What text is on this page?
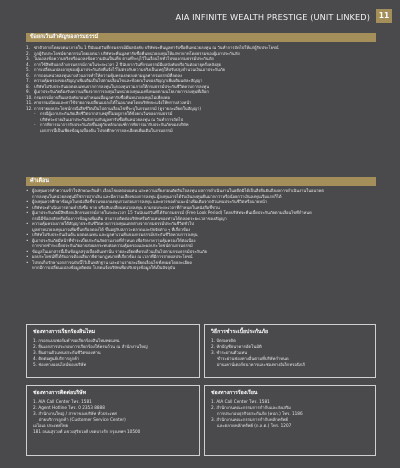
AIA INFINITE WEALTH PRESTIGE (UNIT LINKED)	11
ข้อยกเว้นสำคัญของกรมธรรม์
1. ฆ่าตัวตายโดยเจตนาภายใน 1 ปีนับแต่วันที่กรมธรรม์มีผลบังคับ บริษัทจะคืนมูลค่ารับซื้อคืนหน่วยลงทุน ณ วันทำการถัดไปให้แก่ผู้รับประโยชน์
2. ถูกผู้รับประโยชน์ฆาตกรรมโดยเจตนา บริษัทจะคืนมูลค่ารับซื้อคืนหน่วยลงทุนให้แก่ทายาทโดยธรรมของผู้เอาประกันภัย
3. ไม่แถลงข้อความจริงหรือแถลงข้อความอันเป็นเท็จ ตามที่ระบุไว้ในเงื่อนไขทั่วไปของกรมธรรม์ประกันภัย
4. การใช้สิทธิบอกล้างกรมธรรม์ภายในระยะเวลา 2 ปีนับจากวันที่กรมธรรม์มีผลบังคับหรือวันต่ออายุครั้งหลังสุด
5. การเปลี่ยนแปลงอายุของผู้เอาประกันภัยที่แจ้งไว้ไม่ตรงกับความจริงเป็นเหตุให้ปรับปรุงจำนวนเงินเอาประกันภัย
6. การถอนหน่วยลงทุนบางส่วนอาจทำให้ความคุ้มครองลดลงตามมูลค่ากรมธรรม์ที่ลดลง
7. ความคุ้มครองของสัญญาเพิ่มเติมเป็นไปตามเงื่อนไขและข้อยกเว้นของสัญญาเพิ่มเติมแต่ละสัญญา
8. บริษัทไม่รับประกันผลตอบแทนจากการลงทุนในกองทุนรวมภายใต้กรมธรรม์ประกันชีวิตควบการลงทุน
9. ผู้เอาประกันภัยต้องรับความเสี่ยงจากการลงทุนในหน่วยลงทุนเองทั้งหมดตามนโยบายการลงทุนที่เลือก
10. กรมธรรม์อาจสิ้นผลบังคับก่อนกำหนดเมื่อมูลค่ารับซื้อคืนหน่วยลงทุนไม่เพียงพอ
11. ค่าธรรมเนียมและค่าใช้จ่ายอาจเปลี่ยนแปลงได้ในอนาคตโดยบริษัทจะแจ้งให้ทราบล่วงหน้า
12. การจ่ายผลประโยชน์กรณีเสียชีวิตเป็นไปตามเงื่อนไขที่ระบุในกรมธรรม์ (ดูรายละเอียดในสัญญา)
- กรณีผู้เอาประกันภัยเสียชีวิตจากสาเหตุที่ไม่อยู่ภายใต้ข้อยกเว้นของกรมธรรม์
บริษัทจะจ่ายเงินเอาประกันภัยรวมกับมูลค่ารับซื้อคืนหน่วยลงทุน ณ วันทำการถัดไป
- การพิจารณาการรับประกันภัยขึ้นอยู่กับหลักเกณฑ์การพิจารณารับประกันภัยของบริษัท
เอกสารนี้เป็นเพียงข้อมูลเบื้องต้น โปรดศึกษารายละเอียดเพิ่มเติมในกรมธรรม์
คำเตือน
• ผู้ลงทุนควรทำความเข้าใจลักษณะสินค้า เงื่อนไขผลตอบแทน และความเสี่ยงก่อนตัดสินใจลงทุน ผลการดำเนินงานในอดีตมิได้เป็นสิ่งยืนยันถึงผลการดำเนินงานในอนาคต
การลงทุนในหน่วยลงทุนมิใช่การฝากเงิน และมีความเสี่ยงของการลงทุน ผู้ลงทุนอาจได้รับเงินลงทุนคืนมากกว่าหรือน้อยกว่าเงินลงทุนเริ่มแรกก็ได้
• ผู้ลงทุนควรศึกษาข้อมูลในหนังสือชี้ชวนของกองทุนรวมก่อนการลงทุน และควรขอคำแนะนำเพิ่มเติมจากตัวแทนประกันชีวิตหรือนายหน้า
• บริษัทจะดำเนินการตามคำสั่งซื้อ ขาย หรือสับเปลี่ยนหน่วยลงทุน ตามรอบระยะเวลาที่กำหนดในหนังสือชี้ชวน
• ผู้เอาประกันภัยมีสิทธิยกเลิกกรมธรรม์ภายในระยะเวลา 15 วันนับแต่วันที่ได้รับกรมธรรม์ (Free Look Period) โดยบริษัทจะคืนเบี้ยประกันภัยตามเงื่อนไขที่กำหนด
กรณีมีข้อสงสัยหรือต้องการข้อมูลเพิ่มเติม สามารถติดต่อบริษัทหรือตัวแทนของท่านได้ตลอดระยะเวลาของสัญญา
• ความคุ้มครองภายใต้สัญญาประกันชีวิตควบการลงทุนแตกต่างจากกรมธรรม์ประกันชีวิตทั่วไป
มูลค่าหน่วยลงทุนอาจเพิ่มขึ้นหรือลดลงได้ ขึ้นอยู่กับสภาวะตลาดและปัจจัยต่าง ๆ ที่เกี่ยวข้อง
• บริษัทไม่รับประกันเงินต้น ผลตอบแทน และมูลค่าเวนคืนของกรมธรรม์ประกันชีวิตควบการลงทุน
• ผู้เอาประกันภัยมีหน้าที่ชำระเบี้ยประกันภัยตามงวดที่กำหนด เพื่อรักษาความคุ้มครองให้ต่อเนื่อง
การขาดชำระเบี้ยประกันภัยอาจส่งผลกระทบต่อความคุ้มครองและผลประโยชน์ตามกรมธรรม์
• ข้อมูลในเอกสารนี้เป็นข้อมูลสรุปเบื้องต้นเท่านั้น รายละเอียดที่ครบถ้วนเป็นไปตามกรมธรรม์ประกันภัย
• ผลประโยชน์ที่ได้รับอาจต้องเสียภาษีตามกฎหมายที่เกี่ยวข้อง ณ เวลาที่มีการจ่ายผลประโยชน์
• โปรดเก็บรักษาเอกสารฉบับนี้ไว้เป็นหลักฐาน และอ่านรายละเอียดเงื่อนไขทั้งหมดโดยละเอียด
หากมีการเปลี่ยนแปลงข้อมูลติดต่อ โปรดแจ้งบริษัทเพื่อปรับปรุงข้อมูลให้เป็นปัจจุบัน
ช่องทางการเรียกร้องสินไหม
1. กรอกแบบฟอร์มคำขอเรียกร้องสินไหมทดแทน
2. ยื่นเอกสารประกอบการเรียกร้องให้ครบถ้วน ณ สำนักงานใหญ่
3. ยื่นผ่านตัวแทนประกันชีวิตของท่าน
4. ติดต่อศูนย์บริการลูกค้า
5. ช่องทางออนไลน์ของบริษัท
ช่องทางการติดต่อบริษัท
1. AIA Call Center โทร. 1581
2. Agent Hotline โทร. 0 2353 8888
3. สำนักงานใหญ่ / สาขาของบริษัท ทั่วประเทศ
ฝ่ายบริการลูกค้า (Customer Service Center)
เอไอเอ ประเทศไทย
181 ถนนสุรวงศ์ แขวงสุริยวงศ์ เขตบางรัก กรุงเทพฯ 10500
วิธีการชำระเบี้ยประกันภัย
1. บัตรเครดิต
2. หักบัญชีธนาคารอัตโนมัติ
3. ชำระผ่านตัวแทน
ชำระผ่านช่องทางอื่นตามที่บริษัทกำหนด
ผ่านเคาน์เตอร์ธนาคารและช่องทางอิเล็กทรอนิกส์
ช่องทางการร้องเรียน
1. AIA Call Center โทร. 1581
2. สำนักงานคณะกรรมการกำกับและส่งเสริม
การประกอบธุรกิจประกันภัย (คปภ.) โทร. 1186
3. สำนักงานคณะกรรมการกำกับหลักทรัพย์
และตลาดหลักทรัพย์ (ก.ล.ต.) โทร. 1207
